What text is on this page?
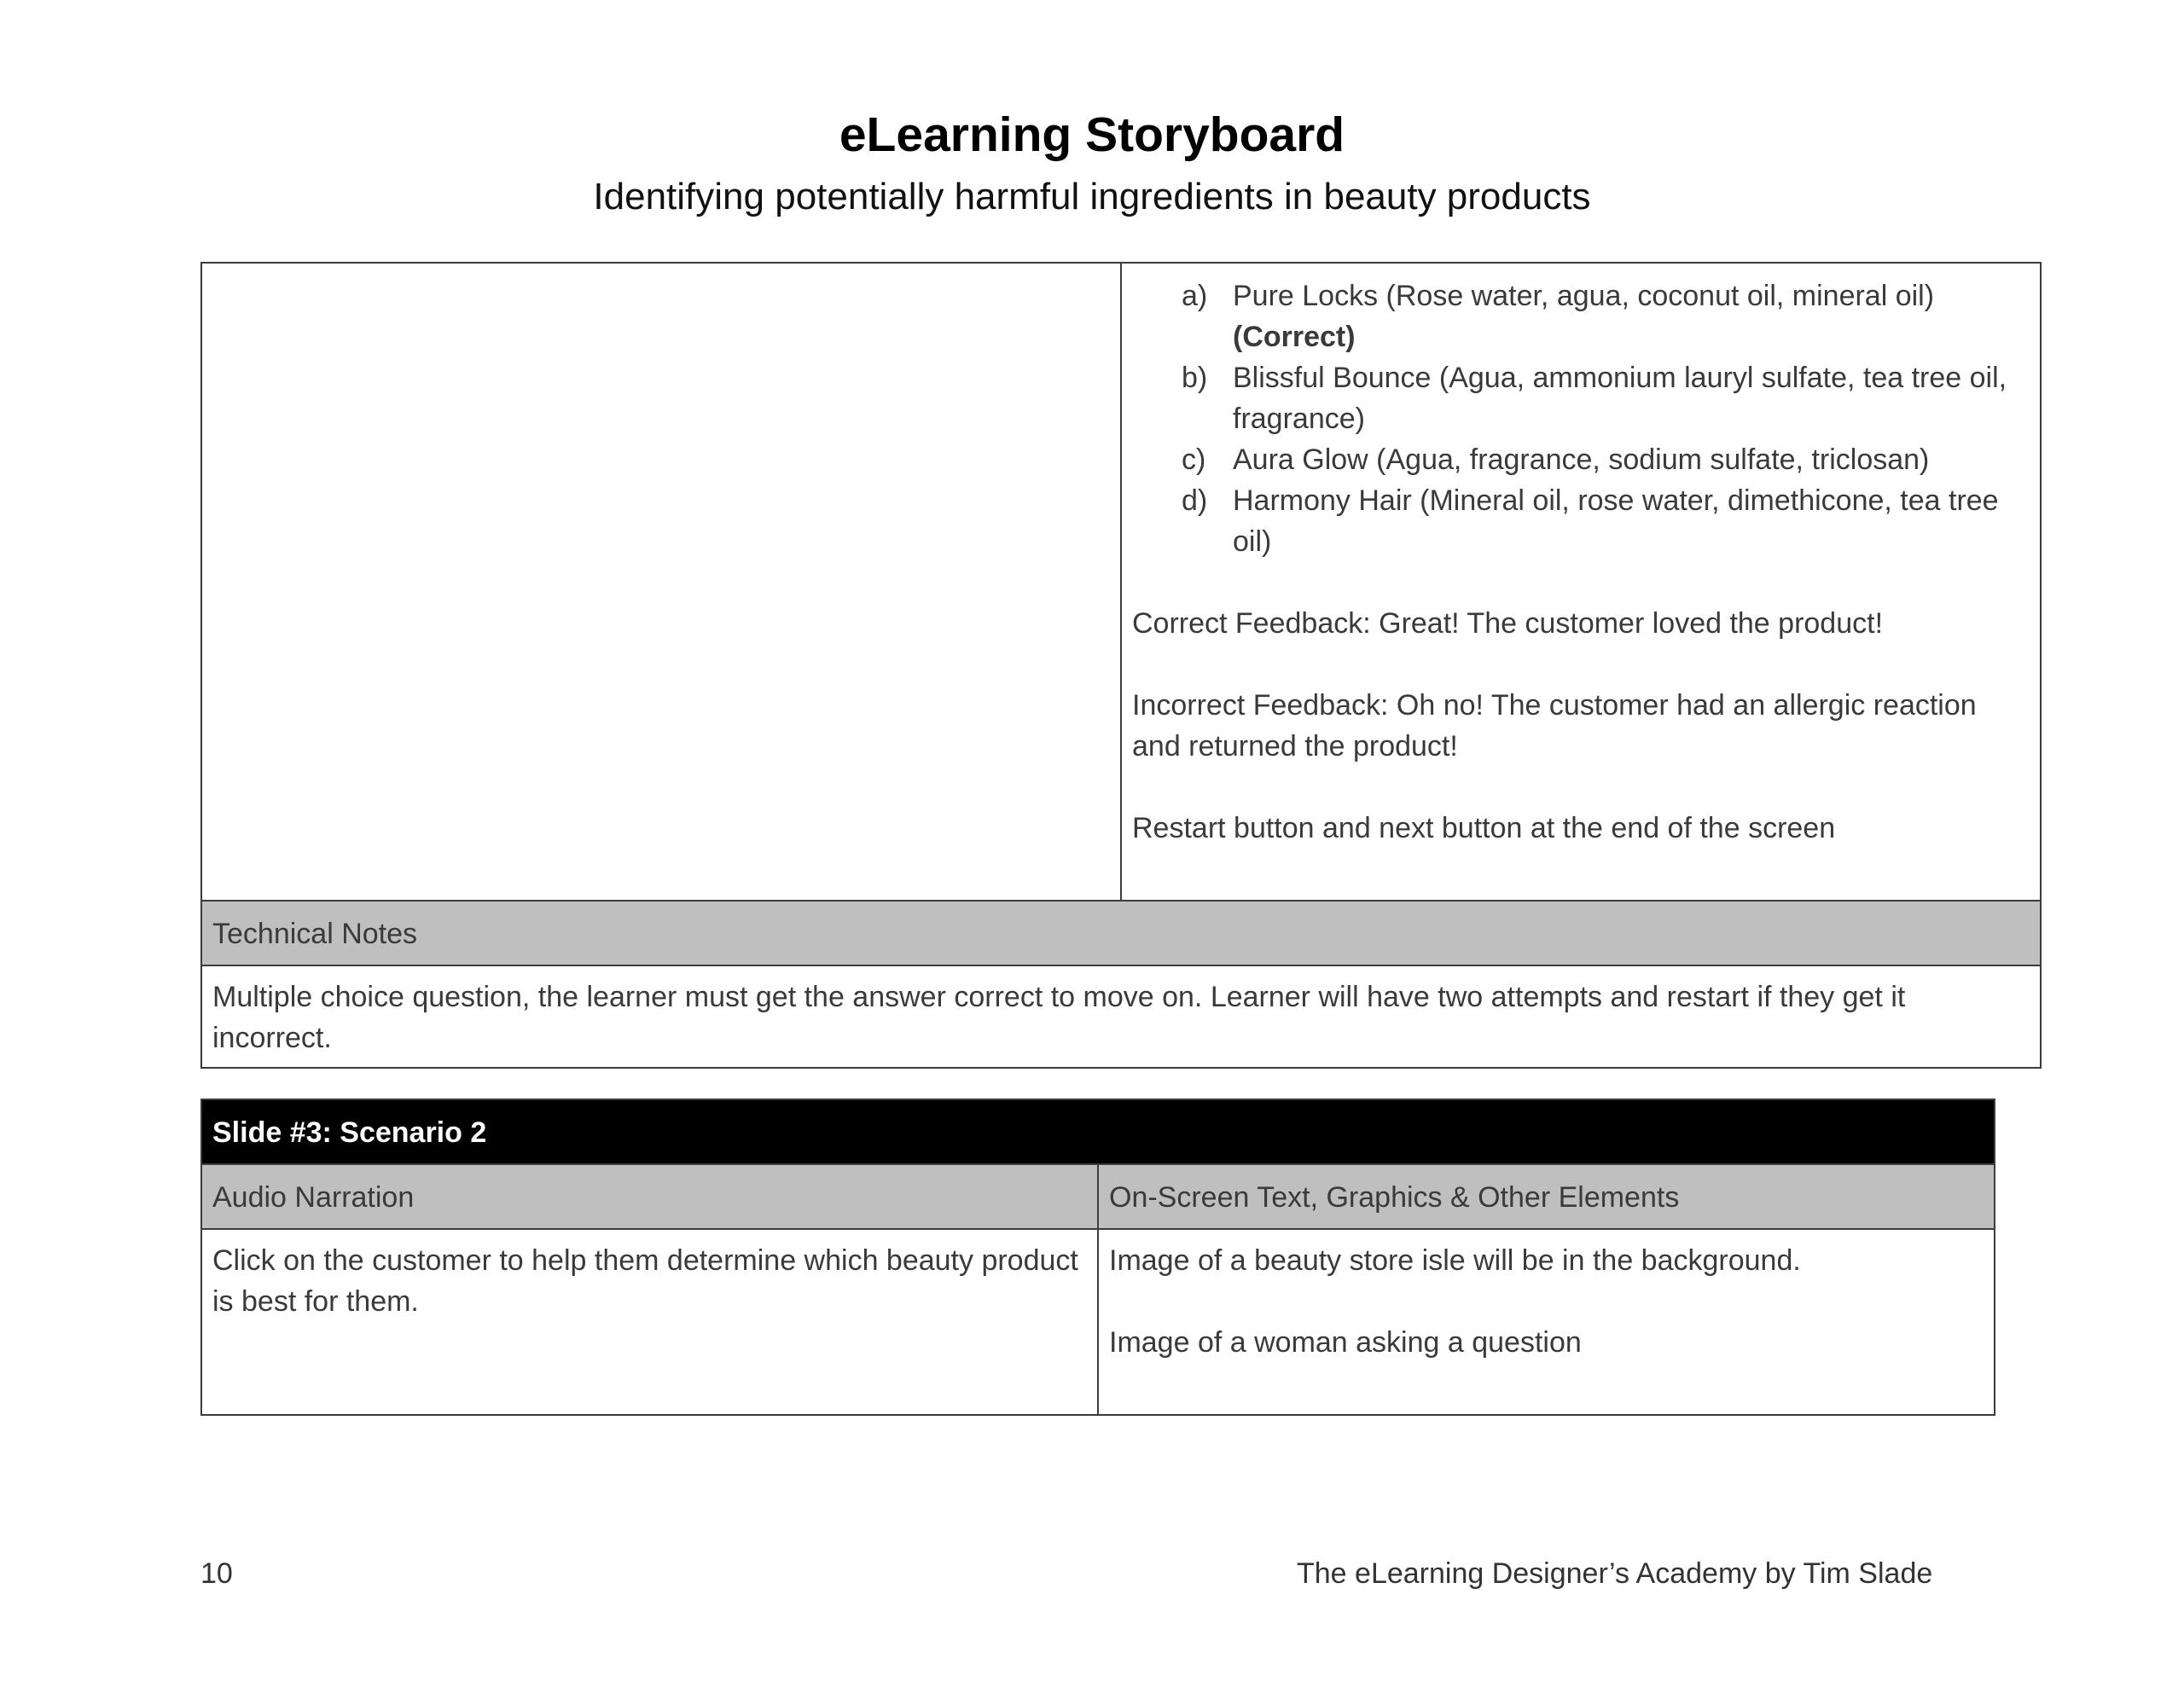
eLearning Storyboard
Identifying potentially harmful ingredients in beauty products

a) Pure Locks (Rose water, agua, coconut oil, mineral oil) (Correct)
b) Blissful Bounce (Agua, ammonium lauryl sulfate, tea tree oil, fragrance)
c) Aura Glow (Agua, fragrance, sodium sulfate, triclosan)
d) Harmony Hair (Mineral oil, rose water, dimethicone, tea tree oil)

Correct Feedback: Great! The customer loved the product!

Incorrect Feedback: Oh no! The customer had an allergic reaction and returned the product!

Restart button and next button at the end of the screen

Technical Notes
Multiple choice question, the learner must get the answer correct to move on. Learner will have two attempts and restart if they get it incorrect.
Slide #3: Scenario 2	
Audio Narration	On-Screen Text, Graphics & Other Elements
Click on the customer to help them determine which beauty product is best for them.	Image of a beauty store isle will be in the background.

Image of a woman asking a question

10	The eLearning Designer’s Academy by Tim Slade
